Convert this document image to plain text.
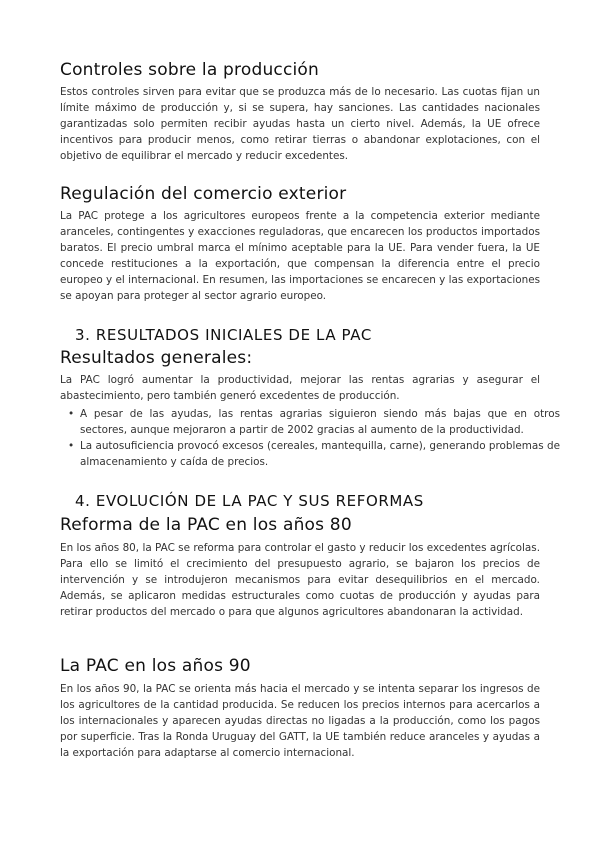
Controles sobre la producción

Estos controles sirven para evitar que se produzca más de lo necesario. Las cuotas fijan un límite máximo de producción y, si se supera, hay sanciones. Las cantidades nacionales garantizadas solo permiten recibir ayudas hasta un cierto nivel. Además, la UE ofrece incentivos para producir menos, como retirar tierras o abandonar explotaciones, con el objetivo de equilibrar el mercado y reducir excedentes.

Regulación del comercio exterior

La PAC protege a los agricultores europeos frente a la competencia exterior mediante aranceles, contingentes y exacciones reguladoras, que encarecen los productos importados baratos. El precio umbral marca el mínimo aceptable para la UE. Para vender fuera, la UE concede restituciones a la exportación, que compensan la diferencia entre el precio europeo y el internacional. En resumen, las importaciones se encarecen y las exportaciones se apoyan para proteger al sector agrario europeo.

3. RESULTADOS INICIALES DE LA PAC
Resultados generales:

La PAC logró aumentar la productividad, mejorar las rentas agrarias y asegurar el abastecimiento, pero también generó excedentes de producción.

• A pesar de las ayudas, las rentas agrarias siguieron siendo más bajas que en otros sectores, aunque mejoraron a partir de 2002 gracias al aumento de la productividad.
• La autosuficiencia provocó excesos (cereales, mantequilla, carne), generando problemas de almacenamiento y caída de precios.
4. EVOLUCIÓN DE LA PAC Y SUS REFORMAS
Reforma de la PAC en los años 80

En los años 80, la PAC se reforma para controlar el gasto y reducir los excedentes agrícolas. Para ello se limitó el crecimiento del presupuesto agrario, se bajaron los precios de intervención y se introdujeron mecanismos para evitar desequilibrios en el mercado. Además, se aplicaron medidas estructurales como cuotas de producción y ayudas para retirar productos del mercado o para que algunos agricultores abandonaran la actividad.

La PAC en los años 90

En los años 90, la PAC se orienta más hacia el mercado y se intenta separar los ingresos de los agricultores de la cantidad producida. Se reducen los precios internos para acercarlos a los internacionales y aparecen ayudas directas no ligadas a la producción, como los pagos por superficie. Tras la Ronda Uruguay del GATT, la UE también reduce aranceles y ayudas a la exportación para adaptarse al comercio internacional.
